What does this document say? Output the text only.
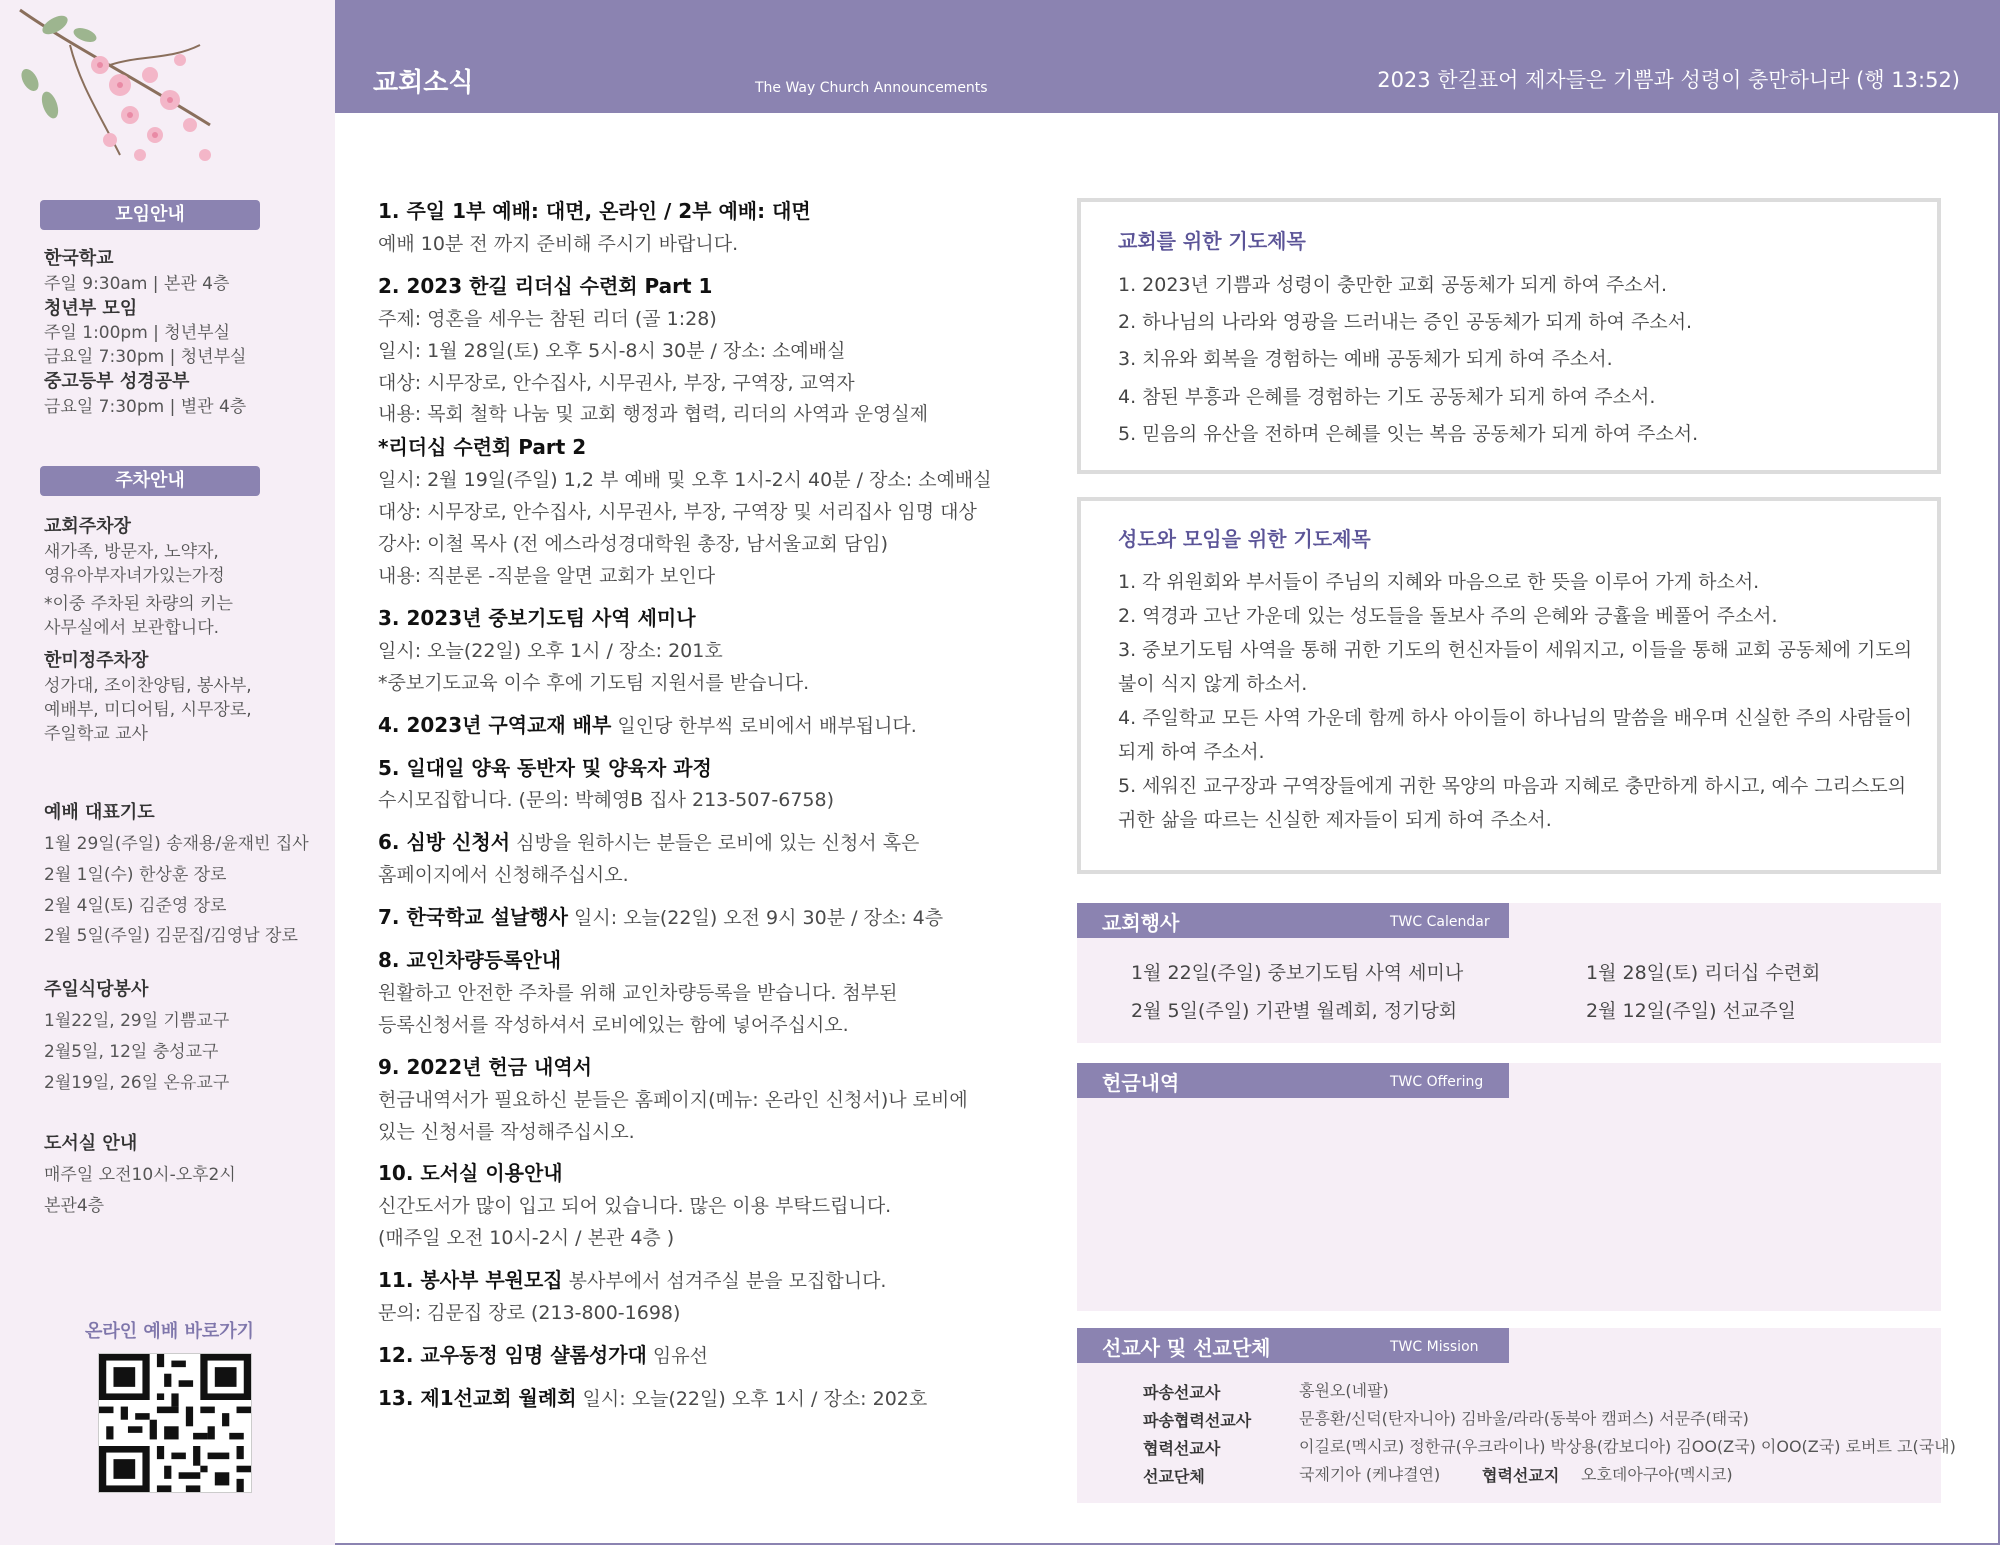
모임안내
한국학교
주일 9:30am | 본관 4층
청년부 모임
주일 1:00pm | 청년부실
금요일 7:30pm | 청년부실
중고등부 성경공부
금요일 7:30pm | 별관 4층
주차안내
교회주차장
새가족, 방문자, 노약자,
영유아부자녀가있는가정
*이중 주차된 차량의 키는
사무실에서 보관합니다.
한미정주차장
성가대, 조이찬양팀, 봉사부,
예배부, 미디어팀, 시무장로,
주일학교 교사
예배 대표기도
1월 29일(주일) 송재용/윤재빈 집사
2월 1일(수) 한상훈 장로
2월 4일(토) 김준영 장로
2월 5일(주일) 김문집/김영남 장로
주일식당봉사
1월22일, 29일 기쁨교구
2월5일, 12일 충성교구
2월19일, 26일 온유교구
도서실 안내
매주일 오전10시-오후2시
본관4층
온라인 예배 바로가기
교회소식	The Way Church Announcements	2023 한길표어 제자들은 기쁨과 성령이 충만하니라 (행 13:52)
1. 주일 1부 예배: 대면, 온라인 / 2부 예배: 대면
예배 10분 전 까지 준비해 주시기 바랍니다.
2. 2023 한길 리더십 수련회 Part 1
주제: 영혼을 세우는 참된 리더 (골 1:28)
일시: 1월 28일(토) 오후 5시-8시 30분 / 장소: 소예배실
대상: 시무장로, 안수집사, 시무권사, 부장, 구역장, 교역자
내용: 목회 철학 나눔 및 교회 행정과 협력, 리더의 사역과 운영실제
*리더십 수련회 Part 2
일시: 2월 19일(주일) 1,2 부 예배 및 오후 1시-2시 40분 / 장소: 소예배실
대상: 시무장로, 안수집사, 시무권사, 부장, 구역장 및 서리집사 임명 대상
강사: 이철 목사 (전 에스라성경대학원 총장, 남서울교회 담임)
내용: 직분론 -직분을 알면 교회가 보인다
3. 2023년 중보기도팀 사역 세미나
일시: 오늘(22일) 오후 1시 / 장소: 201호
*중보기도교육 이수 후에 기도팀 지원서를 받습니다.
4. 2023년 구역교재 배부 일인당 한부씩 로비에서 배부됩니다.
5. 일대일 양육 동반자 및 양육자 과정
수시모집합니다. (문의: 박혜영B 집사 213-507-6758)
6. 심방 신청서 심방을 원하시는 분들은 로비에 있는 신청서 혹은
홈페이지에서 신청해주십시오.
7. 한국학교 설날행사 일시: 오늘(22일) 오전 9시 30분 / 장소: 4층
8. 교인차량등록안내
원활하고 안전한 주차를 위해 교인차량등록을 받습니다. 첨부된
등록신청서를 작성하셔서 로비에있는 함에 넣어주십시오.
9. 2022년 헌금 내역서
헌금내역서가 필요하신 분들은 홈페이지(메뉴: 온라인 신청서)나 로비에
있는 신청서를 작성해주십시오.
10. 도서실 이용안내
신간도서가 많이 입고 되어 있습니다. 많은 이용 부탁드립니다.
(매주일 오전 10시-2시 / 본관 4층 )
11. 봉사부 부원모집 봉사부에서 섬겨주실 분을 모집합니다.
문의: 김문집 장로 (213-800-1698)
12. 교우동정 임명 샬롬성가대 임유선
13. 제1선교회 월례회 일시: 오늘(22일) 오후 1시 / 장소: 202호
교회를 위한 기도제목
1. 2023년 기쁨과 성령이 충만한 교회 공동체가 되게 하여 주소서.
2. 하나님의 나라와 영광을 드러내는 증인 공동체가 되게 하여 주소서.
3. 치유와 회복을 경험하는 예배 공동체가 되게 하여 주소서.
4. 참된 부흥과 은혜를 경험하는 기도 공동체가 되게 하여 주소서.
5. 믿음의 유산을 전하며 은혜를 잇는 복음 공동체가 되게 하여 주소서.
성도와 모임을 위한 기도제목
1. 각 위원회와 부서들이 주님의 지혜와 마음으로 한 뜻을 이루어 가게 하소서.
2. 역경과 고난 가운데 있는 성도들을 돌보사 주의 은혜와 긍휼을 베풀어 주소서.
3. 중보기도팀 사역을 통해 귀한 기도의 헌신자들이 세워지고, 이들을 통해 교회 공동체에 기도의
불이 식지 않게 하소서.
4. 주일학교 모든 사역 가운데 함께 하사 아이들이 하나님의 말씀을 배우며 신실한 주의 사람들이
되게 하여 주소서.
5. 세워진 교구장과 구역장들에게 귀한 목양의 마음과 지혜로 충만하게 하시고, 예수 그리스도의
귀한 삶을 따르는 신실한 제자들이 되게 하여 주소서.
교회행사	TWC Calendar
1월 22일(주일) 중보기도팀 사역 세미나	1월 28일(토) 리더십 수련회
2월 5일(주일) 기관별 월례회, 정기당회	2월 12일(주일) 선교주일
헌금내역	TWC Offering
선교사 및 선교단체	TWC Mission
파송선교사	홍원오(네팔)
파송협력선교사	문흥환/신덕(탄자니아) 김바울/라라(동북아 캠퍼스) 서문주(태국)
협력선교사	이길로(멕시코) 정한규(우크라이나) 박상용(캄보디아) 김OO(Z국) 이OO(Z국) 로버트 고(국내)
선교단체	국제기아 (케냐결연)	협력선교지 오호데아구아(멕시코)
